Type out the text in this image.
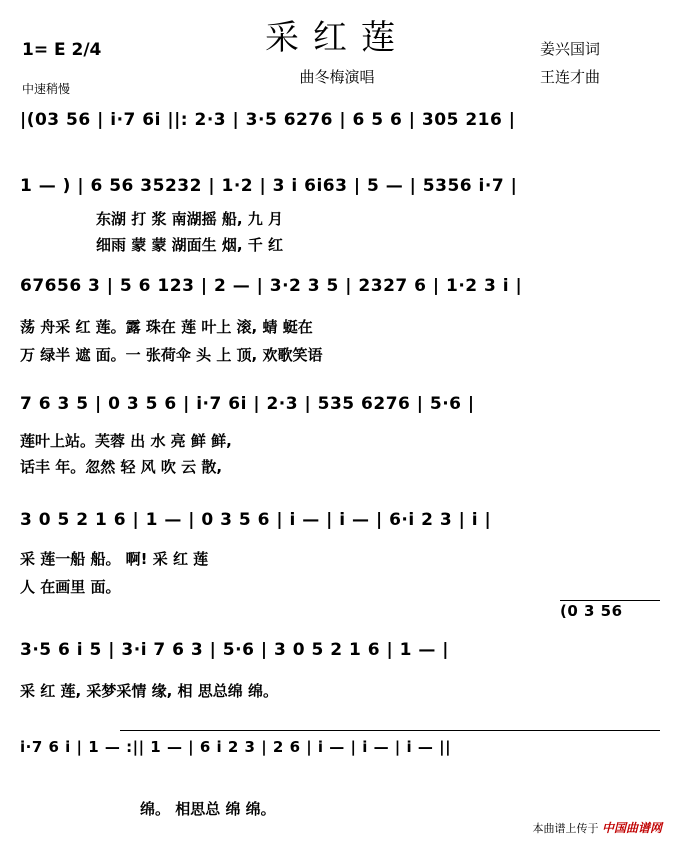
采红莲
曲冬梅演唱
姜兴国词
王连才曲
1= E 2/4
中速稍慢
|(03 56 | i·7 6i ||: 2·3 | 3·5 6276 | 6 5 6 | 305 216 |
1 — ) | 6 56 35232 | 1·2 | 3 i 6i63 | 5 — | 5356 i·7 |
东湖 打 浆 南湖摇 船, 九 月
细雨 蒙 蒙 湖面生 烟, 千 红
67656 3 | 5 6 123 | 2 — | 3·2 3 5 | 2327 6 | 1·2 3 i |
荡 舟采 红 莲。露 珠在 莲 叶上 滚, 蜻 蜓在
万 绿半 遮 面。一 张荷伞 头 上 顶, 欢歌笑语
7 6 3 5 | 0 3 5 6 | i·7 6i | 2·3 | 535 6276 | 5·6 |
莲叶上站。芙蓉 出 水 亮 鲜 鲜,
话丰 年。忽然 轻 风 吹 云 散,
3 0 5 2 1 6 | 1 — | 0 3 5 6 | i — | i — | 6·i 2 3 | i |
采 莲一船 船。 啊! 采 红 莲
人 在画里 面。
(0 3 56
3·5 6 i 5 | 3·i 7 6 3 | 5·6 | 3 0 5 2 1 6 | 1 — |
采 红 莲, 采梦采情 缘, 相 思总绵 绵。
i·7 6 i | 1 — :|| 1 — | 6 i 2 3 | 2 6 | i — | i — | i — ||
绵。 相思总 绵 绵。
本曲谱上传于 中国曲谱网
